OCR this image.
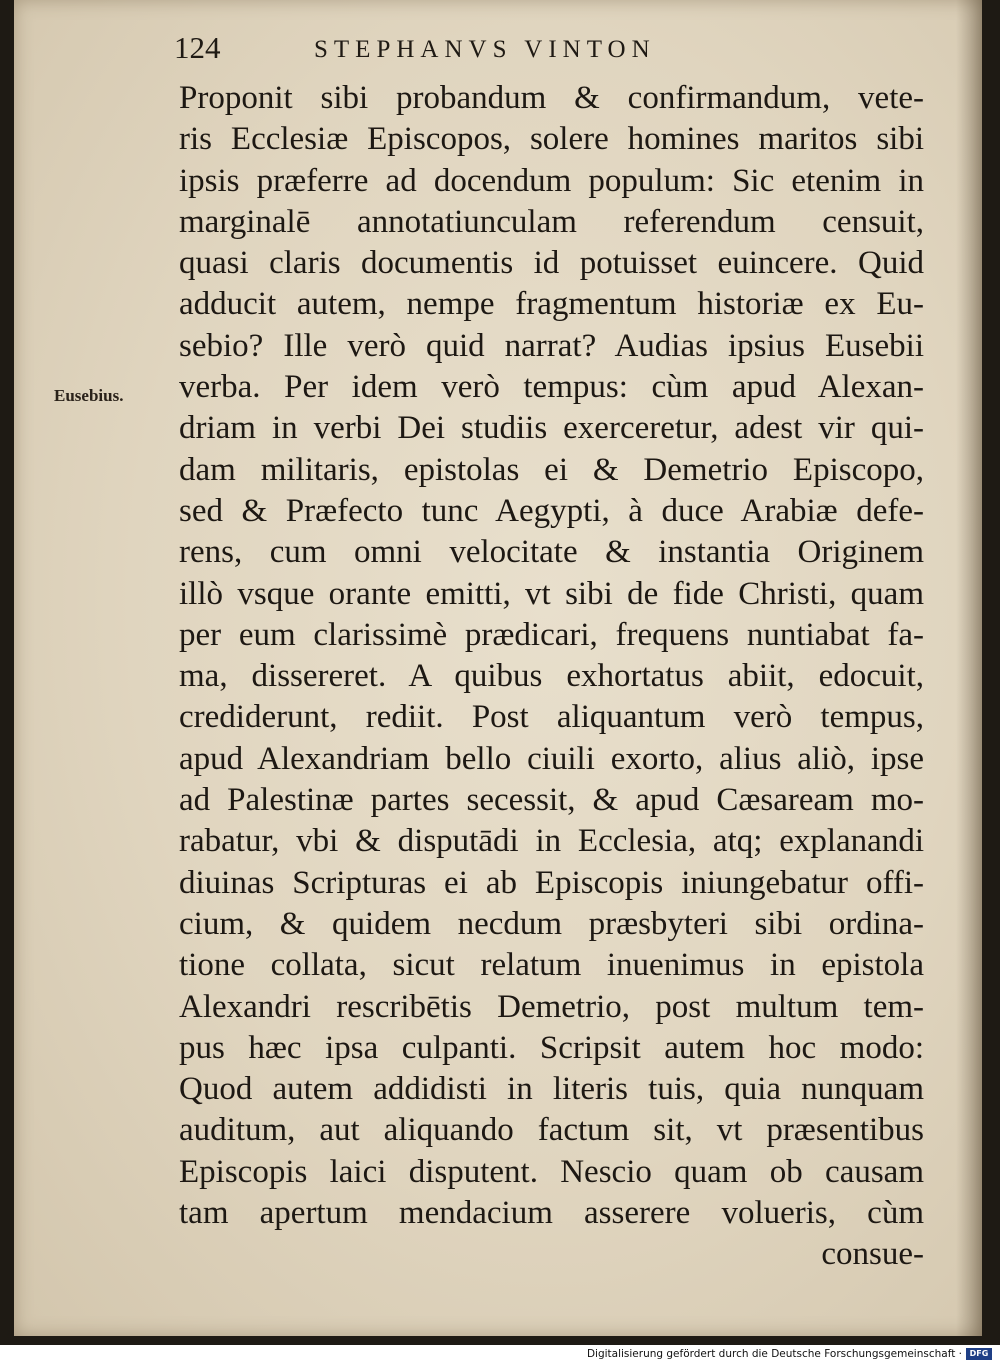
124	STEPHANVS VINTON
Eusebius.
Proponit sibi probandum & confirmandum, vete-
ris Ecclesiæ Episcopos, solere homines maritos sibi
ipsis præferre ad docendum populum: Sic etenim in
marginalē annotatiunculam referendum censuit,
quasi claris documentis id potuisset euincere. Quid
adducit autem, nempe fragmentum historiæ ex Eu-
sebio? Ille verò quid narrat? Audias ipsius Eusebii
verba. Per idem verò tempus: cùm apud Alexan-
driam in verbi Dei studiis exerceretur, adest vir qui-
dam militaris, epistolas ei & Demetrio Episcopo,
sed & Præfecto tunc Aegypti, à duce Arabiæ defe-
rens, cum omni velocitate & instantia Originem
illò vsque orante emitti, vt sibi de fide Christi, quam
per eum clarissimè prædicari, frequens nuntiabat fa-
ma, dissereret. A quibus exhortatus abiit, edocuit,
crediderunt, rediit. Post aliquantum verò tempus,
apud Alexandriam bello ciuili exorto, alius aliò, ipse
ad Palestinæ partes secessit, & apud Cæsaream mo-
rabatur, vbi & disputādi in Ecclesia, atq; explanandi
diuinas Scripturas ei ab Episcopis iniungebatur offi-
cium, & quidem necdum præsbyteri sibi ordina-
tione collata, sicut relatum inuenimus in epistola
Alexandri rescribētis Demetrio, post multum tem-
pus hæc ipsa culpanti. Scripsit autem hoc modo:
Quod autem addidisti in literis tuis, quia nunquam
auditum, aut aliquando factum sit, vt præsentibus
Episcopis laici disputent. Nescio quam ob causam
tam apertum mendacium asserere volueris, cùm
consue-
Digitalisierung gefördert durch die Deutsche Forschungsgemeinschaft · DFG
